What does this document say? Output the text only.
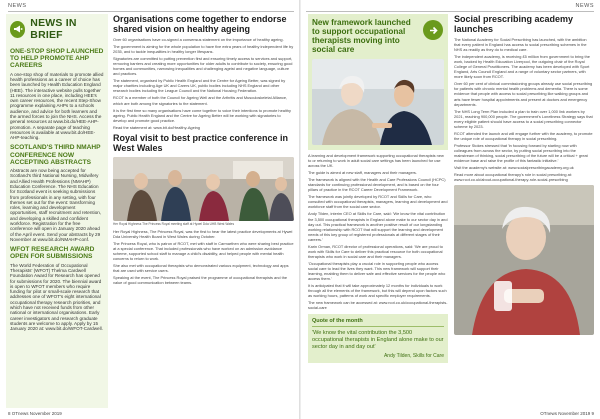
NEWS
NEWS IN BRIEF
ONE-STOP SHOP LAUNCHED TO HELP PROMOTE AHP CAREERS
A one-stop shop of materials to promote allied health professions as a career of choice has been launched by Health Education England (HEE). The interactive website pulls together 11 resources in one place, including HEE's own career resources, the recent Step-Show programme explaining AHPs to a schools audience, and advice for both learners and the armed forces to join the NHS. Access the general resources at www.bit.do/HEE-AHP-promotion. A separate page of teaching resources is available at www.bit.do/HEE-AHP-teaching.
SCOTLAND'S THIRD NMAHP CONFERENCE NOW ACCEPTING ABSTRACTS
Abstracts are now being accepted for Scotland's third National Nursing, Midwifery and Allied Health Professions (NMAHP) Education Conference. The NHS Education for Scotland event is seeking submissions from professionals in any setting, with four themes set out for the event: transforming roles, learning and development opportunities, staff recruitment and retention, and developing a skilled and confident workforce. Registration for the free conference will open in January 2020 ahead of the April event. Send your abstracts by 29 November at www.bit.do/NMAHP-conf.
WFOT RESEARCH AWARD OPEN FOR SUBMISSIONS
The World Federation of Occupational Therapists' (WFOT) Thelma Cardwell Foundation Award for Research has opened for submissions for 2020. The biennial award is open to WFOT members who require funding for pilot or small-scale research that addresses one of WFOT's eight international occupational therapy research priorities, and which have not received funds from other national or international organisations. Early career investigators and research graduate students are welcome to apply. Apply by 15 January 2020 at: www.bit.do/WFOT-Cardwell.
Organisations come together to endorse shared vision on healthy ageing

Over 60 organisations have co-signed a consensus statement on the importance of healthy ageing.

The government is aiming for the whole population to have five extra years of healthy independent life by 2035, and to tackle inequalities in healthy longer lifespans.

Signatories are committed to putting prevention first and ensuring timely access to services and support, removing barriers and creating more opportunities for older adults to contribute to society, ensuring good homes and communities, narrowing inequalities and challenging ageist and negative language, culture and practices.

The statement, organised by Public Health England and the Centre for Ageing Better, was signed by major charities including Age UK and Carers UK, public bodies including NHS England and other research bodies including the League Council and the National Housing Federation.

RCOT is a member of both the Council for Ageing Well and the Arthritis and Musculoskeletal Alliance, which are both among the signatories to the statement.

It is the first time so many organisations have come together to voice their intentions to promote healthy ageing. Public Health England and the Centre for Ageing Better will be working with signatories to develop and promote good practice.

Read the statement at: www.bit.do/Healthy-Ageing

Royal visit to best practice conference in West Wales
Her Royal Highness The Princess Royal meeting staff at Hywel Dda UHB West Wales

Her Royal Highness, The Princess Royal, was the first to hear the latest practice developments at Hywel Dda University Health Board in West Wales during October.

The Princess Royal, who is patron of RCOT, met with staff in Carmarthen who were sharing best practice at a special conference. That included professionals who have worked on an admission avoidance scheme, supported school staff to manage a child's disability, and helped people with mental health concerns to return to work.

She also met with occupational therapists who demonstrated various equipment, technology and apps that are used with service users.

Speaking at the event, The Princess Royal praised the programme of occupational therapists and the value of good communication between teams.

8 OTnews November 2019
NEWS
New framework launched to support occupational therapists moving into social care

A learning and development framework supporting occupational therapists new to or returning to work in adult social care settings has been launched for use across the UK.

The guide is aimed at new staff, managers and their managers.

The framework is aligned with the Health and Care Professions Council (HCPC) standards for continuing professional development, and is based on the four pillars of practice in the RCOT Career Development Framework.

The framework was jointly developed by RCOT and Skills for Care, who consulted with occupational therapists, managers, learning and development and workforce staff from the social care sector.

Andy Tilden, interim CEO at Skills for Care, said: 'We know the vital contribution the 3,500 occupational therapists in England alone make to our sector day in and day out. This practical framework is another positive result of our longstanding working relationship with RCOT that will support the learning and development needs of this key group of registered professionals at different stages of their careers.'

Karin Orman, RCOT director of professional operations, said: 'We are proud to work with Skills for Care to deliver this practical resource for both occupational therapists who work in social care and their managers.

'Occupational therapists play a crucial role in supporting people who access social care to lead the lives they want. This new framework will support their learning, enabling them to deliver safe and effective services for the people who access them.'

It is anticipated that it will take approximately 12 months for individuals to work through all the elements of the framework, but this will depend upon factors such as working hours, patterns of work and specific employer requirements.

The new framework can be accessed at: www.rcot.co.uk/occupational-therapists-social-care

Quote of the month
'We know the vital contribution the 3,500 occupational therapists in England alone make to our sector day in and day out'
Andy Tilden, Skills for Care
Social prescribing academy launches

The National Academy for Social Prescribing has launched, with the ambition that every patient in England has access to social prescribing schemes in the NHS as readily as they do to medical care.

The independent academy, is receiving £5 million from government to bring the work, backed by Health Education Liverpool, the outgoing chair of the Royal College of General Practitioners. The academy has been developed with Sport England, Arts Council England and a range of voluntary sector partners, with more likely soon from RCOT.

Over 60 per cent of clinical commissioning groups already use social prescribing for patients with chronic mental health problems and dementia. There is some evidence that people with access to social prescribing like walking groups and arts have fewer hospital appointments and present at doctors and emergency departments.

The NHS Long Term Plan included a plan to train over 1,000 link workers by 2021, reaching 900,000 people. The government's Loneliness Strategy says that every eligible patient should have access to a social prescribing connector scheme by 2023.

RCOT attended the launch and will engage further with the academy, to promote the unique role of occupational therapy in social prescribing.

Professor Stokes stressed that 'in focusing forward by starting now with colleagues from across the sector, by putting social prescribing into the mainstream of thinking, social prescribing of the future will be a critical + great evidence base and raise the profile of this fantastic initiative.'

Visit the academy's website at: www.socialprescribingacademy.org.uk

Read more about occupational therapy's role in social prescribing at: www.rcot.co.uk/about-occupational-therapy-role-social-prescribing

OTnews November 2019 9
